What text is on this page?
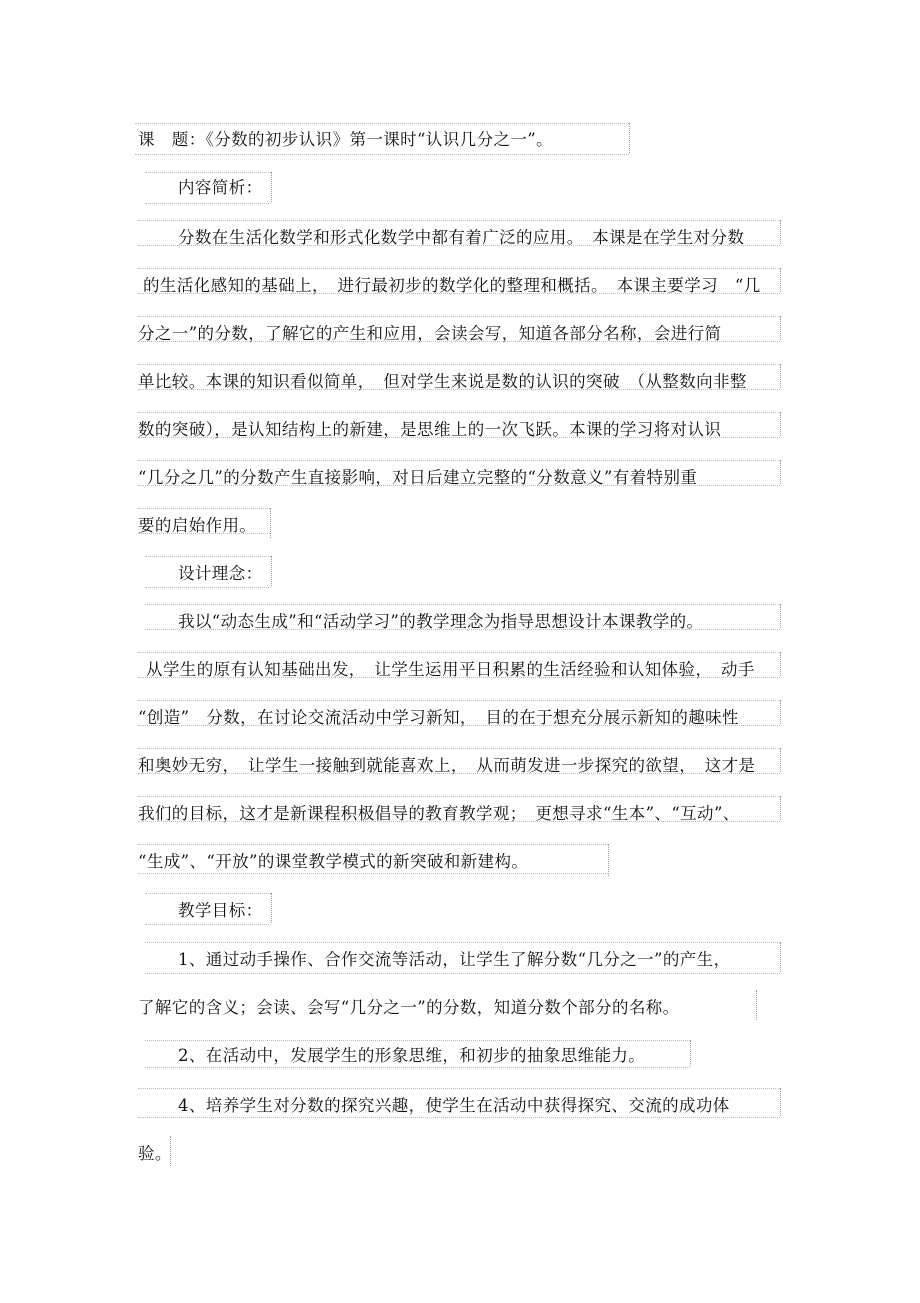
课　题：《分数的初步认识》第一课时“认识几分之一”。
内容简析：
分数在生活化数学和形式化数学中都有着广泛的应用。　本课是在学生对分数
的生活化感知的基础上，　进行最初步的数学化的整理和概括。　本课主要学习　“几
分之一”的分数，了解它的产生和应用，会读会写，知道各部分名称，会进行简
单比较。本课的知识看似简单，　但对学生来说是数的认识的突破　（从整数向非整
数的突破），是认知结构上的新建，是思维上的一次飞跃。本课的学习将对认识
“几分之几”的分数产生直接影响，对日后建立完整的“分数意义”有着特别重
要的启始作用。
设计理念：
我以“动态生成”和“活动学习”的教学理念为指导思想设计本课教学的。
从学生的原有认知基础出发，　让学生运用平日积累的生活经验和认知体验，　动手
“创造”　分数，在讨论交流活动中学习新知，　目的在于想充分展示新知的趣味性
和奥妙无穷，　让学生一接触到就能喜欢上，　从而萌发进一步探究的欲望，　这才是
我们的目标，这才是新课程积极倡导的教育教学观；　更想寻求“生本”、“互动”、
“生成”、“开放”的课堂教学模式的新突破和新建构。
教学目标：
1、通过动手操作、合作交流等活动，让学生了解分数“几分之一”的产生，
了解它的含义；会读、会写“几分之一”的分数，知道分数个部分的名称。
2、在活动中，发展学生的形象思维，和初步的抽象思维能力。
4、培养学生对分数的探究兴趣，使学生在活动中获得探究、交流的成功体
验。
